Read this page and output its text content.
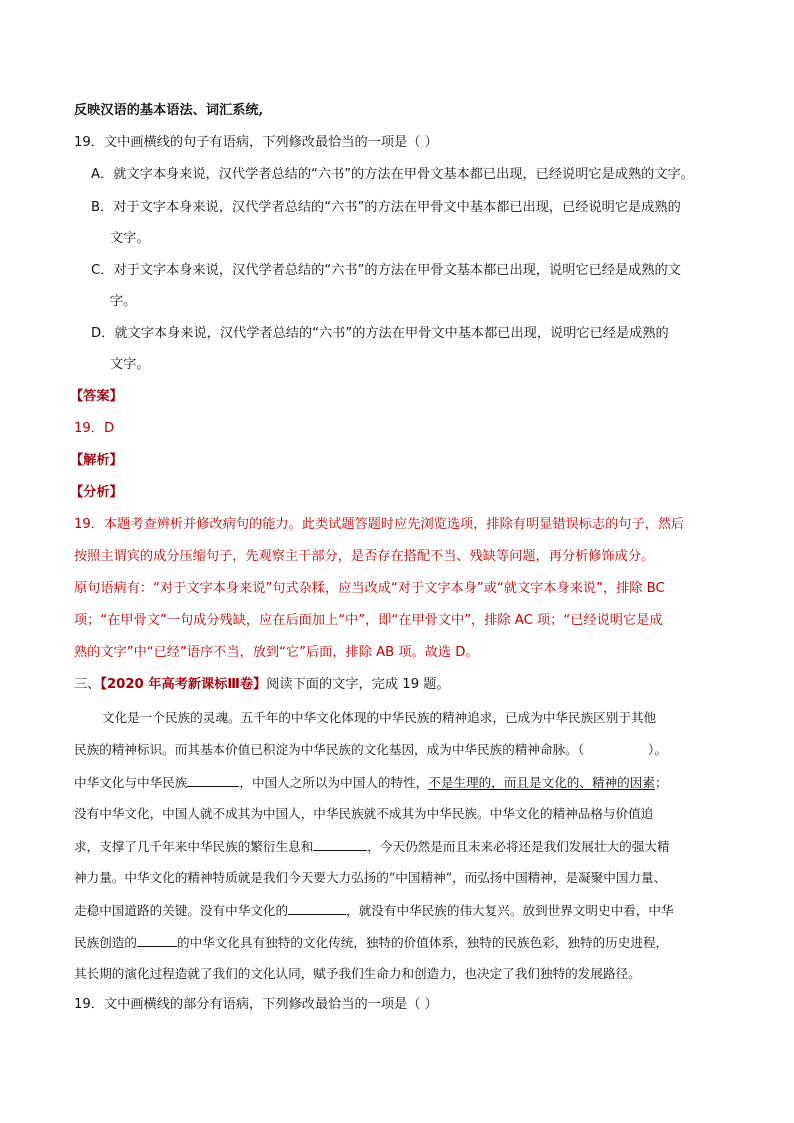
反映汉语的基本语法、词汇系统,
19．文中画横线的句子有语病，下列修改最恰当的一项是（ ）
A．就文字本身来说，汉代学者总结的“六书”的方法在甲骨文基本都已出现，已经说明它是成熟的文字。
B．对于文字本身来说，汉代学者总结的“六书”的方法在甲骨文中基本都已出现，已经说明它是成熟的
文字。
C．对于文字本身来说，汉代学者总结的“六书”的方法在甲骨文基本都已出现，说明它已经是成熟的文
字。
D．就文字本身来说，汉代学者总结的“六书”的方法在甲骨文中基本都已出现，说明它已经是成熟的
文字。
【答案】
19．D
【解析】
【分析】
19．本题考查辨析并修改病句的能力。此类试题答题时应先浏览选项，排除有明显错误标志的句子，然后
按照主谓宾的成分压缩句子，先观察主干部分，是否存在搭配不当、残缺等问题，再分析修饰成分。
原句语病有：“对于文字本身来说”句式杂糅，应当改成“对于文字本身”或“就文字本身来说”，排除 BC
项；“在甲骨文”一句成分残缺，应在后面加上“中”，即“在甲骨文中”，排除 AC 项；“已经说明它是成
熟的文字”中“已经”语序不当，放到“它”后面，排除 AB 项。故选 D。
三、【2020 年高考新课标Ⅲ卷】阅读下面的文字，完成 19 题。
文化是一个民族的灵魂。五千年的中华文化体现的中华民族的精神追求，已成为中华民族区别于其他
民族的精神标识。而其基本价值已积淀为中华民族的文化基因，成为中华民族的精神命脉。（	）。
中华文化与中华民族	，中国人之所以为中国人的特性，不是生理的，而且是文化的、精神的因素；
没有中华文化，中国人就不成其为中国人，中华民族就不成其为中华民族。中华文化的精神品格与价值追
求，支撑了几千年来中华民族的繁衍生息和	，今天仍然是而且未来必将还是我们发展壮大的强大精
神力量。中华文化的精神特质就是我们今天要大力弘扬的“中国精神”，而弘扬中国精神，是凝聚中国力量、
走稳中国道路的关键。没有中华文化的	，就没有中华民族的伟大复兴。放到世界文明史中看，中华
民族创造的	的中华文化具有独特的文化传统，独特的价值体系，独特的民族色彩，独特的历史进程，
其长期的演化过程造就了我们的文化认同，赋予我们生命力和创造力，也决定了我们独特的发展路径。
19．文中画横线的部分有语病，下列修改最恰当的一项是（ ）
